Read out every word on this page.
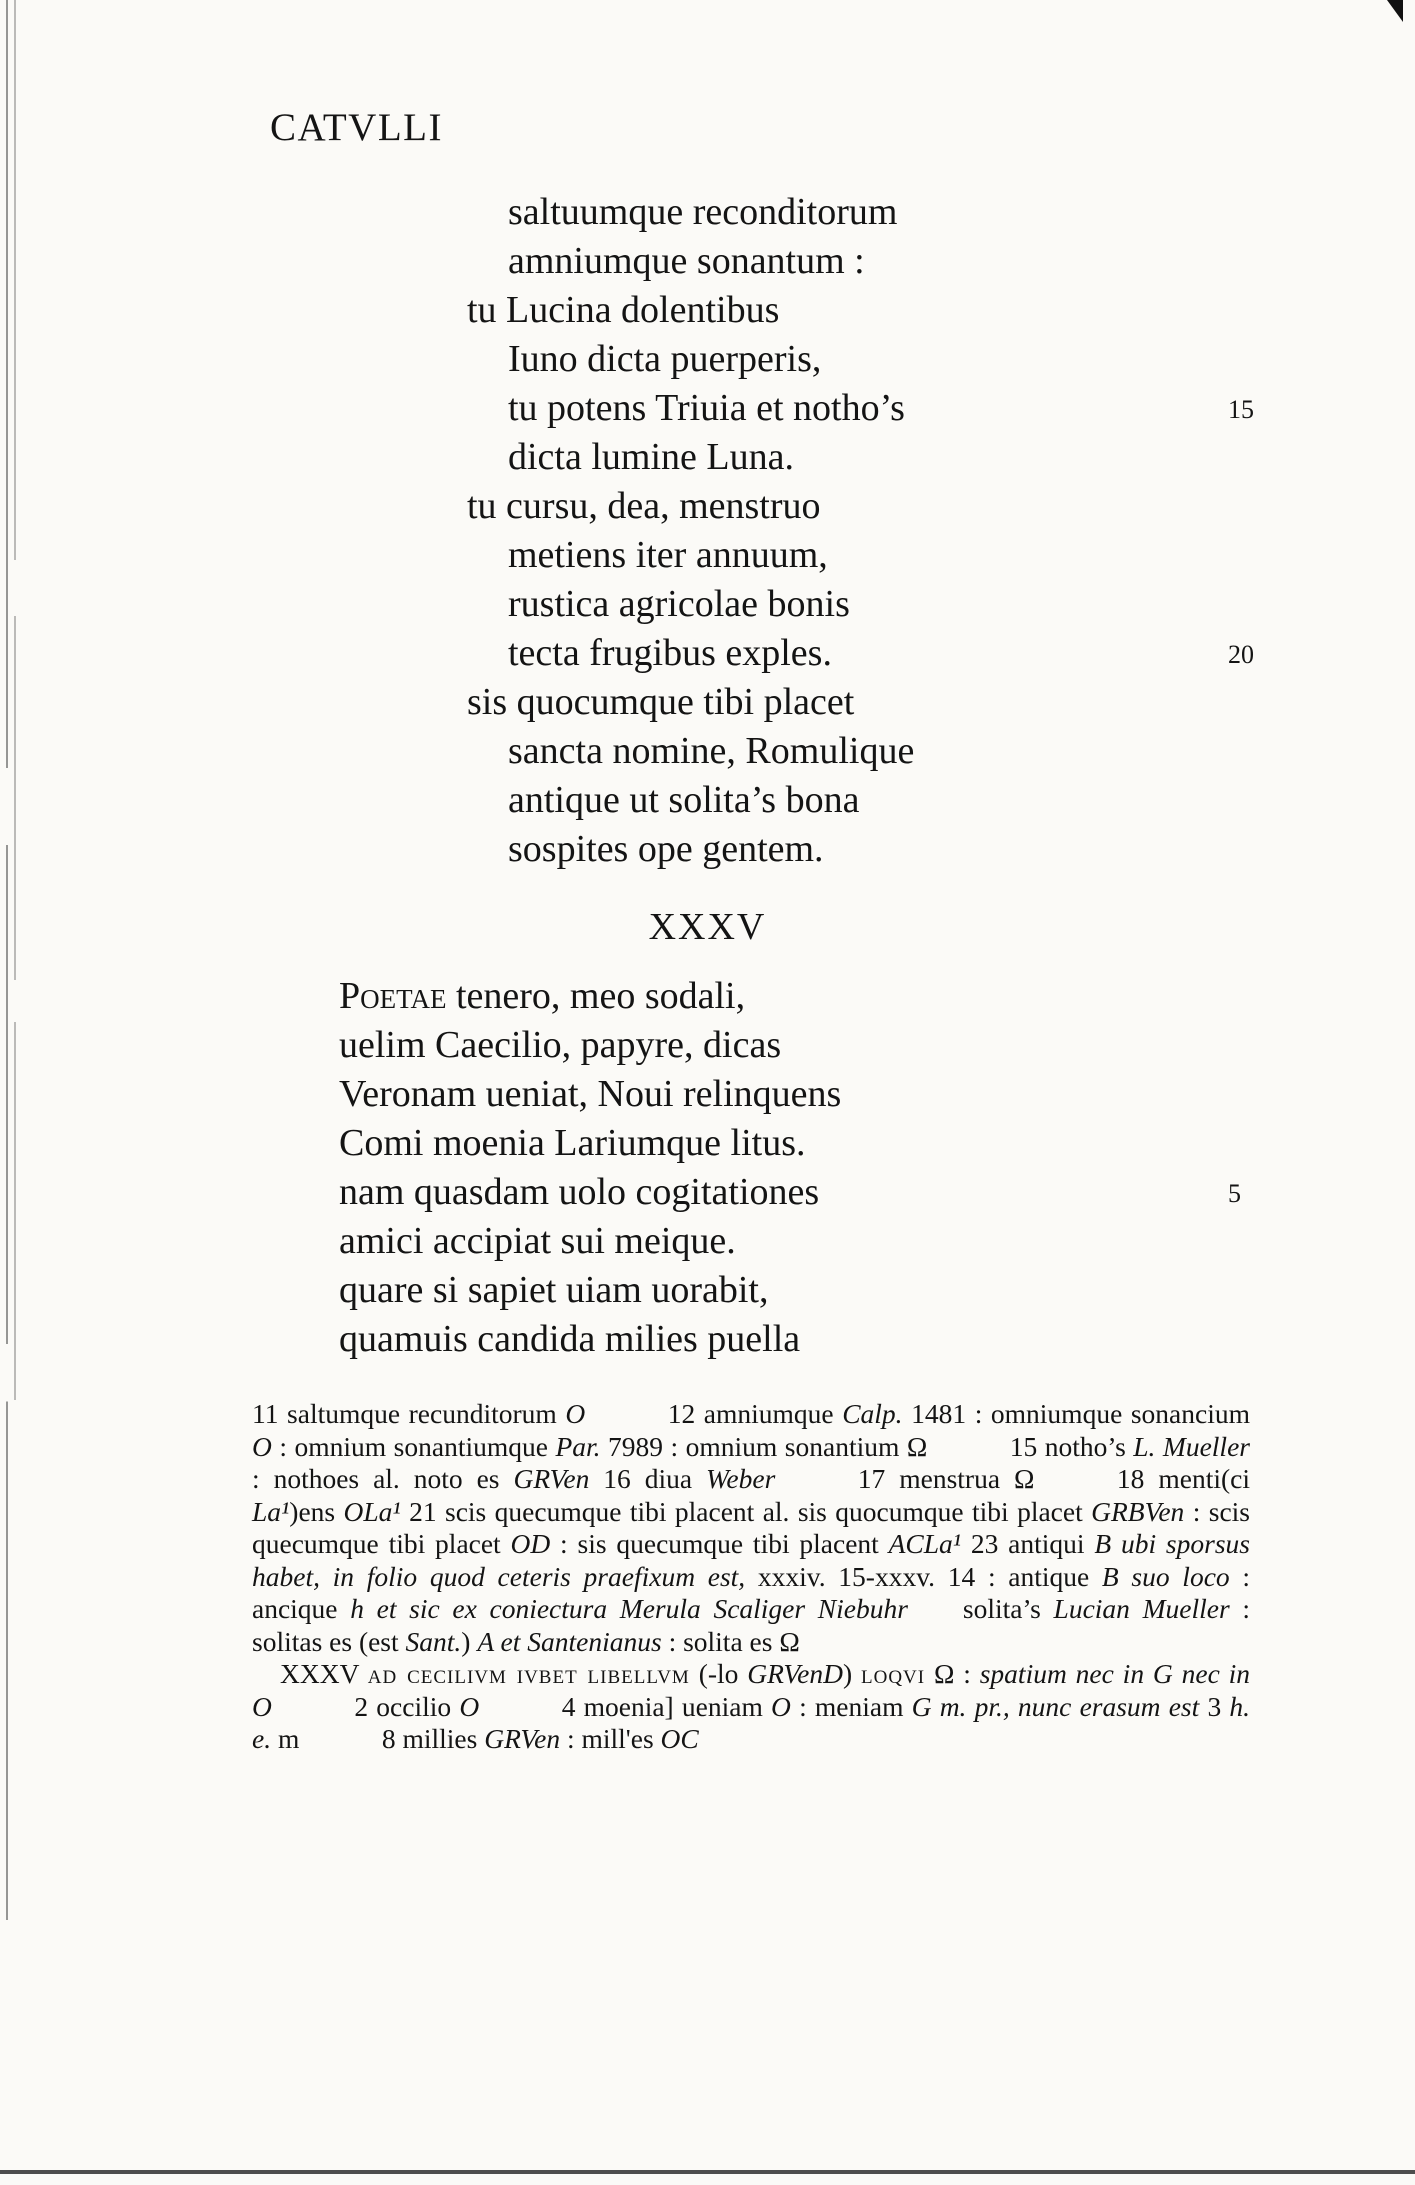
CATVLLI
saltuumque reconditorum
amniumque sonantum :
tu Lucina dolentibus
Iuno dicta puerperis,
tu potens Triuia et notho’s	15
dicta lumine Luna.
tu cursu, dea, menstruo
metiens iter annuum,
rustica agricolae bonis
tecta frugibus exples.	20
sis quocumque tibi placet
sancta nomine, Romulique
antique ut solita’s bona
sospites ope gentem.
XXXV
Poetae tenero, meo sodali,
uelim Caecilio, papyre, dicas
Veronam ueniat, Noui relinquens
Comi moenia Lariumque litus.
nam quasdam uolo cogitationes	5
amici accipiat sui meique.
quare si sapiet uiam uorabit,
quamuis candida milies puella

11 saltumque recunditorum O   12 amniumque Calp. 1481 : omniumque sonancium O : omnium sonantiumque Par. 7989 : omnium sonantium Ω   15 notho’s L. Mueller : nothoes al. noto es GRVen 16 diua Weber   17 menstrua Ω   18 menti(ci La¹)ens OLa¹ 21 scis quecumque tibi placent al. sis quocumque tibi placet GRBVen : scis quecumque tibi placet OD : sis quecumque tibi placent ACLa¹ 23 antiqui B ubi sporsus habet, in folio quod ceteris praefixum est, xxxiv. 15-xxxv. 14 : antique B suo loco : ancique h et sic ex coniectura Merula Scaliger Niebuhr  solita’s Lucian Mueller : solitas es (est Sant.) A et Santenianus : solita es Ω

XXXV ad cecilivm ivbet libellvm (-lo GRVenD) loqvi Ω : spatium nec in G nec in O   2 occilio O   4 moenia] ueniam O : meniam G m. pr., nunc erasum est 3 h. e. m   8 millies GRVen : mill'es OC
